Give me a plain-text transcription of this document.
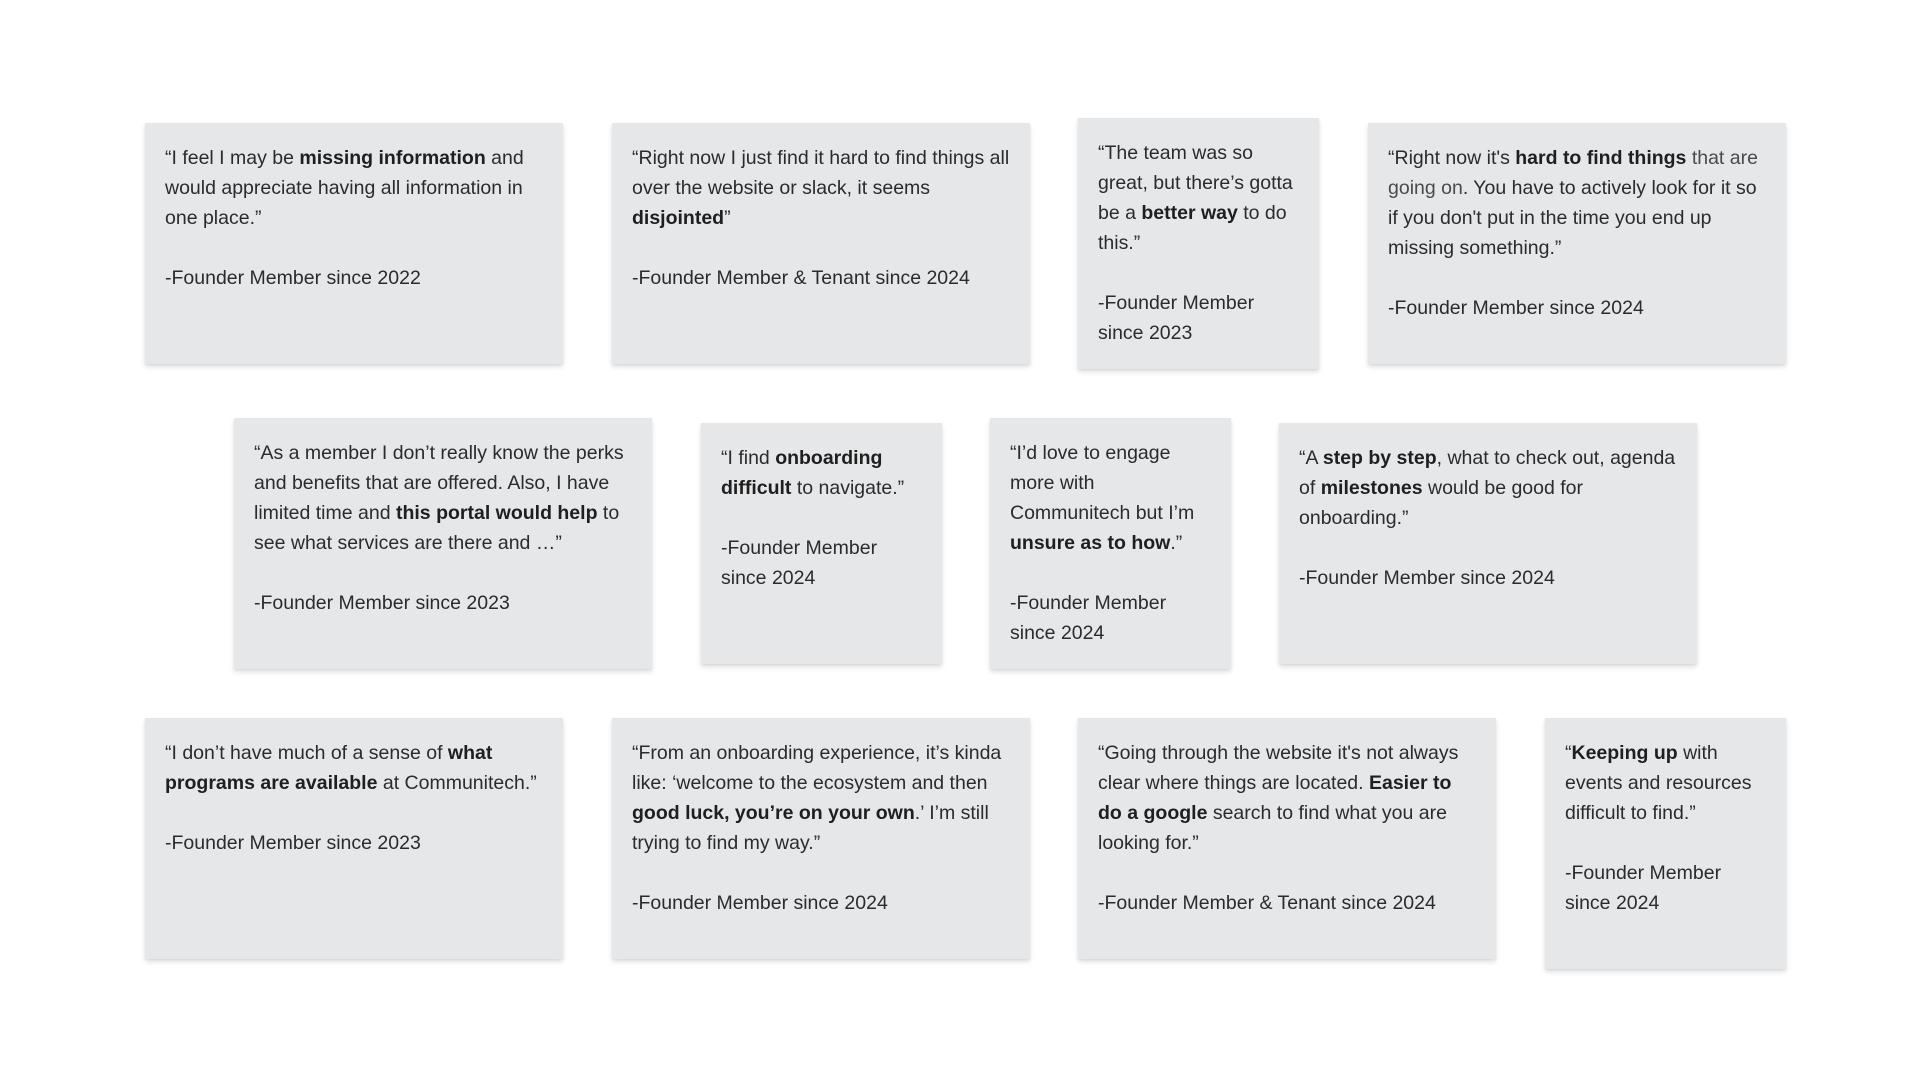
“I feel I may be missing information and would appreciate having all information in one place.”
-Founder Member since 2022
“Right now I just find it hard to find things all over the website or slack, it seems disjointed”
-Founder Member & Tenant since 2024
“The team was so great, but there’s gotta be a better way to do this.”
-Founder Member since 2023
“Right now it's hard to find things that are going on. You have to actively look for it so if you don't put in the time you end up missing something.”
-Founder Member since 2024
“As a member I don’t really know the perks and benefits that are offered. Also, I have limited time and this portal would help to see what services are there and …”
-Founder Member since 2023
“I find onboarding difficult to navigate.”
-Founder Member since 2024
“I’d love to engage more with Communitech but I’m unsure as to how.”
-Founder Member since 2024
“A step by step, what to check out, agenda of milestones would be good for onboarding.”
-Founder Member since 2024
“I don’t have much of a sense of what programs are available at Communitech.”
-Founder Member since 2023
“From an onboarding experience, it’s kinda like: ‘welcome to the ecosystem and then good luck, you’re on your own.’ I’m still trying to find my way.”
-Founder Member since 2024
“Going through the website it's not always clear where things are located. Easier to do a google search to find what you are looking for.”
-Founder Member & Tenant since 2024
“Keeping up with events and resources difficult to find.”
-Founder Member since 2024
